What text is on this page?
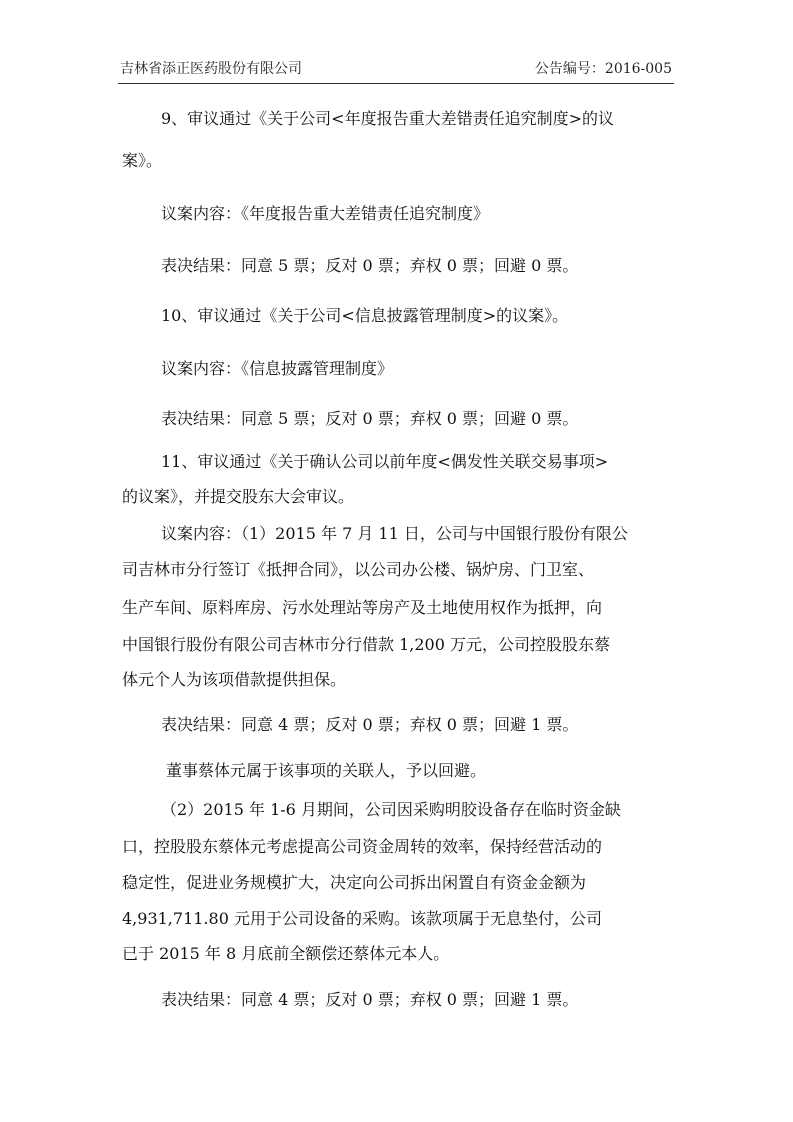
吉林省添正医药股份有限公司	公告编号：2016-005
9、审议通过《关于公司<年度报告重大差错责任追究制度>的议
案》。
议案内容：《年度报告重大差错责任追究制度》
表决结果：同意 5 票；反对 0 票；弃权 0 票；回避 0 票。
10、审议通过《关于公司<信息披露管理制度>的议案》。
议案内容：《信息披露管理制度》
表决结果：同意 5 票；反对 0 票；弃权 0 票；回避 0 票。
11、审议通过《关于确认公司以前年度<偶发性关联交易事项>
的议案》，并提交股东大会审议。
议案内容：（1）2015 年 7 月 11 日，公司与中国银行股份有限公
司吉林市分行签订《抵押合同》，以公司办公楼、锅炉房、门卫室、
生产车间、原料库房、污水处理站等房产及土地使用权作为抵押，向
中国银行股份有限公司吉林市分行借款 1,200 万元，公司控股股东蔡
体元个人为该项借款提供担保。
表决结果：同意 4 票；反对 0 票；弃权 0 票；回避 1 票。
董事蔡体元属于该事项的关联人，予以回避。
（2）2015 年 1-6 月期间，公司因采购明胶设备存在临时资金缺
口，控股股东蔡体元考虑提高公司资金周转的效率，保持经营活动的
稳定性，促进业务规模扩大，决定向公司拆出闲置自有资金金额为
4,931,711.80 元用于公司设备的采购。该款项属于无息垫付，公司
已于 2015 年 8 月底前全额偿还蔡体元本人。
表决结果：同意 4 票；反对 0 票；弃权 0 票；回避 1 票。
